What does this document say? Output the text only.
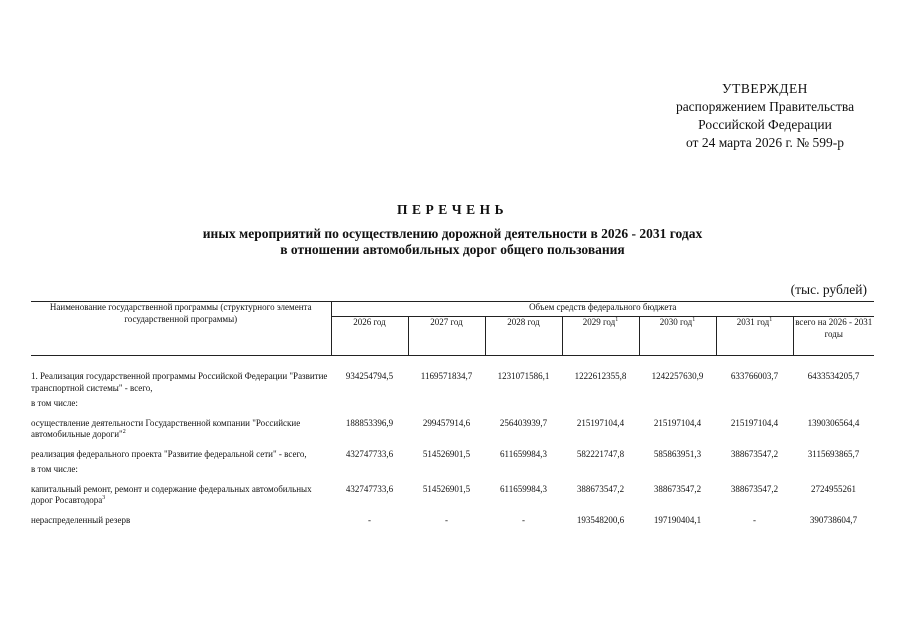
УТВЕРЖДЕН
распоряжением Правительства
Российской Федерации
от 24 марта 2026 г. № 599-р
ПЕРЕЧЕНЬ
иных мероприятий по осуществлению дорожной деятельности в 2026 - 2031 годах
в отношении автомобильных дорог общего пользования
(тыс. рублей)
Наименование государственной программы (структурного элемента государственной программы)	Объем средств федерального бюджета						
	2026 год	2027 год	2028 год	2029 год$^1$	2030 год$^1$	2031 год$^1$	всего на 2026 - 2031 годы
1. Реализация государственной программы Российской Федерации "Развитие транспортной системы" - всего,	934254794,5	1169571834,7	1231071586,1	1222612355,8	1242257630,9	633766003,7	6433534205,7
в том числе:							
осуществление деятельности Государственной компании "Российские автомобильные дороги"$^2$	188853396,9	299457914,6	256403939,7	215197104,4	215197104,4	215197104,4	1390306564,4
реализация федерального проекта "Развитие федеральной сети" - всего,	432747733,6	514526901,5	611659984,3	582221747,8	585863951,3	388673547,2	3115693865,7
в том числе:							
капитальный ремонт, ремонт и содержание федеральных автомобильных дорог Росавтодора$^3$	432747733,6	514526901,5	611659984,3	388673547,2	388673547,2	388673547,2	2724955261
нераспределенный резерв	-	-	-	193548200,6	197190404,1	-	390738604,7
